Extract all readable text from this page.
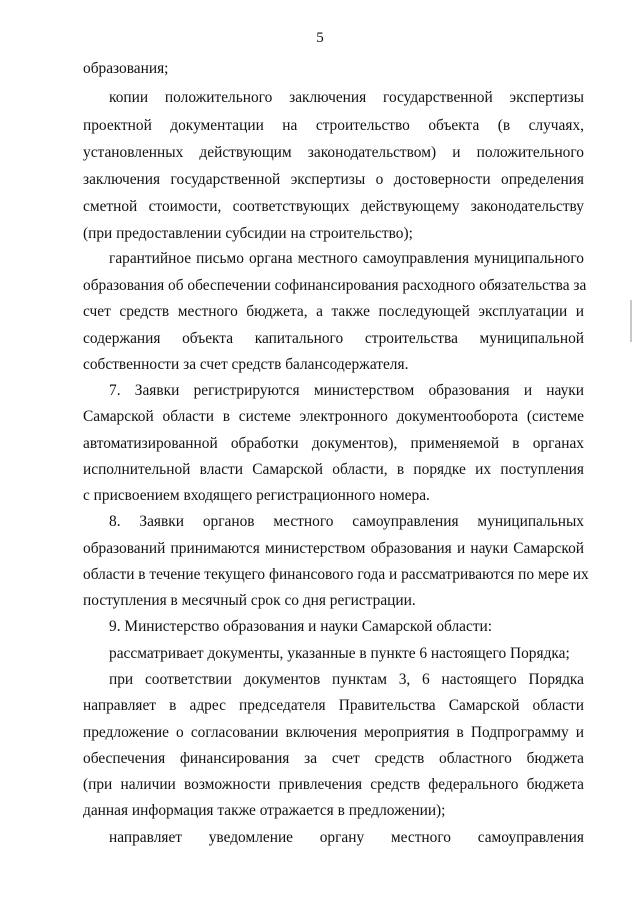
5
образования;
копии положительного заключения государственной экспертизы
проектной документации на строительство объекта (в случаях,
установленных действующим законодательством) и положительного
заключения государственной экспертизы о достоверности определения
сметной стоимости, соответствующих действующему законодательству
(при предоставлении субсидии на строительство);
гарантийное письмо органа местного самоуправления муниципального
образования об обеспечении софинансирования расходного обязательства за
счет средств местного бюджета, а также последующей эксплуатации и
содержания объекта капитального строительства муниципальной
собственности за счет средств балансодержателя.
7. Заявки регистрируются министерством образования и науки
Самарской области в системе электронного документооборота (системе
автоматизированной обработки документов), применяемой в органах
исполнительной власти Самарской области, в порядке их поступления
с присвоением входящего регистрационного номера.
8. Заявки органов местного самоуправления муниципальных
образований принимаются министерством образования и науки Самарской
области в течение текущего финансового года и рассматриваются по мере их
поступления в месячный срок со дня регистрации.
9. Министерство образования и науки Самарской области:
рассматривает документы, указанные в пункте 6 настоящего Порядка;
при соответствии документов пунктам 3, 6 настоящего Порядка
направляет в адрес председателя Правительства Самарской области
предложение о согласовании включения мероприятия в Подпрограмму и
обеспечения финансирования за счет средств областного бюджета
(при наличии возможности привлечения средств федерального бюджета
данная информация также отражается в предложении);
направляет уведомление органу местного самоуправления
